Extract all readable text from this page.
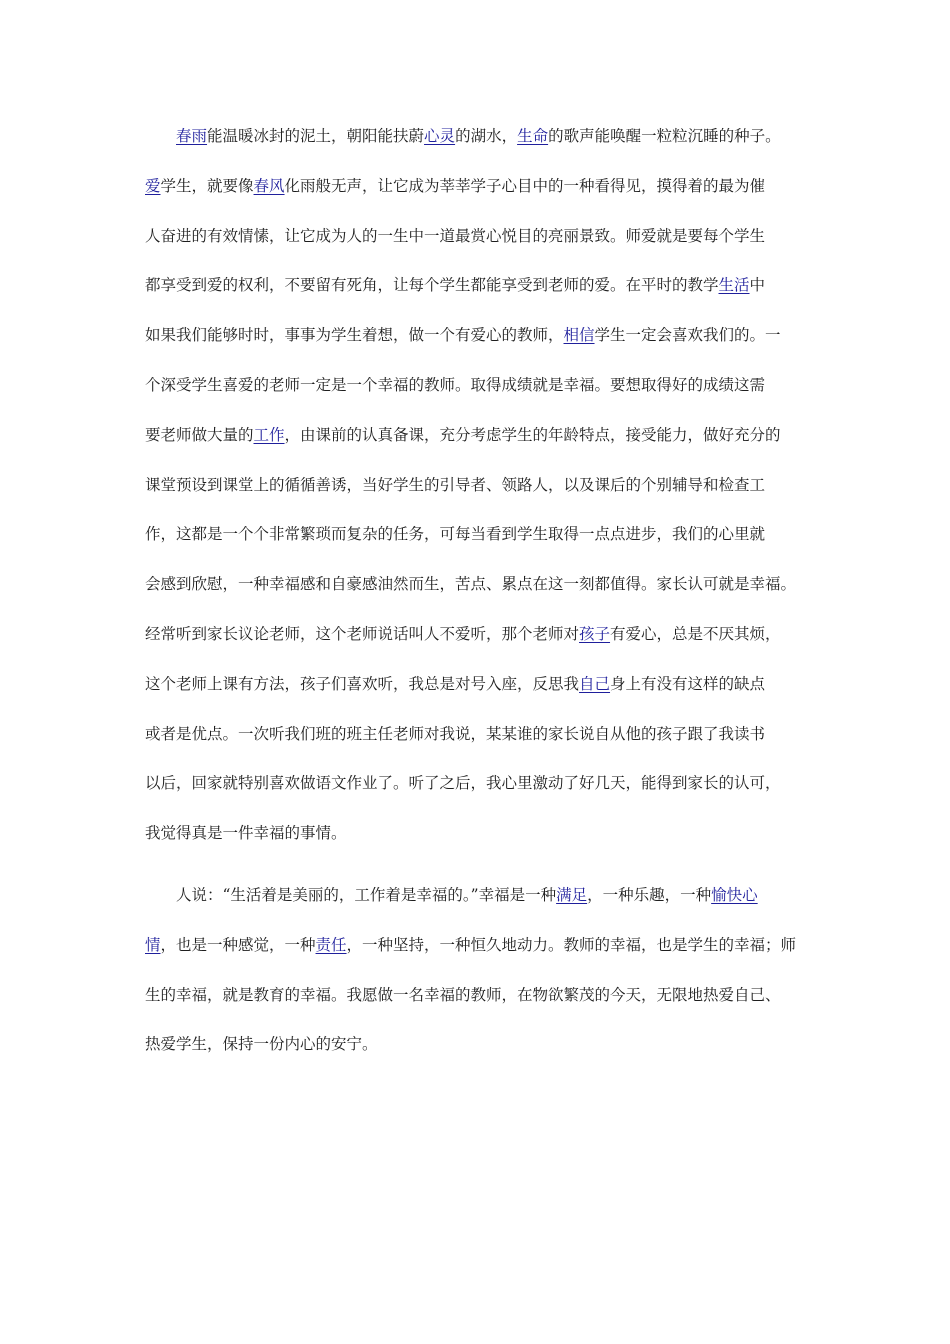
　　春雨能温暖冰封的泥土，朝阳能扶蔚心灵的湖水，生命的歌声能唤醒一粒粒沉睡的种子。
爱学生，就要像春风化雨般无声，让它成为莘莘学子心目中的一种看得见，摸得着的最为催
人奋进的有效情愫，让它成为人的一生中一道最赏心悦目的亮丽景致。师爱就是要每个学生
都享受到爱的权利，不要留有死角，让每个学生都能享受到老师的爱。在平时的教学生活中
如果我们能够时时，事事为学生着想，做一个有爱心的教师，相信学生一定会喜欢我们的。一
个深受学生喜爱的老师一定是一个幸福的教师。取得成绩就是幸福。要想取得好的成绩这需
要老师做大量的工作，由课前的认真备课，充分考虑学生的年龄特点，接受能力，做好充分的
课堂预设到课堂上的循循善诱，当好学生的引导者、领路人，以及课后的个别辅导和检查工
作，这都是一个个非常繁琐而复杂的任务，可每当看到学生取得一点点进步，我们的心里就
会感到欣慰，一种幸福感和自豪感油然而生，苦点、累点在这一刻都值得。家长认可就是幸福。
经常听到家长议论老师，这个老师说话叫人不爱听，那个老师对孩子有爱心，总是不厌其烦，
这个老师上课有方法，孩子们喜欢听，我总是对号入座，反思我自己身上有没有这样的缺点
或者是优点。一次听我们班的班主任老师对我说，某某谁的家长说自从他的孩子跟了我读书
以后，回家就特别喜欢做语文作业了。听了之后，我心里激动了好几天，能得到家长的认可，
我觉得真是一件幸福的事情。
　　人说：“生活着是美丽的，工作着是幸福的。”幸福是一种满足，一种乐趣，一种愉快心
情，也是一种感觉，一种责任，一种坚持，一种恒久地动力。教师的幸福，也是学生的幸福；师
生的幸福，就是教育的幸福。我愿做一名幸福的教师，在物欲繁茂的今天，无限地热爱自己、
热爱学生，保持一份内心的安宁。
